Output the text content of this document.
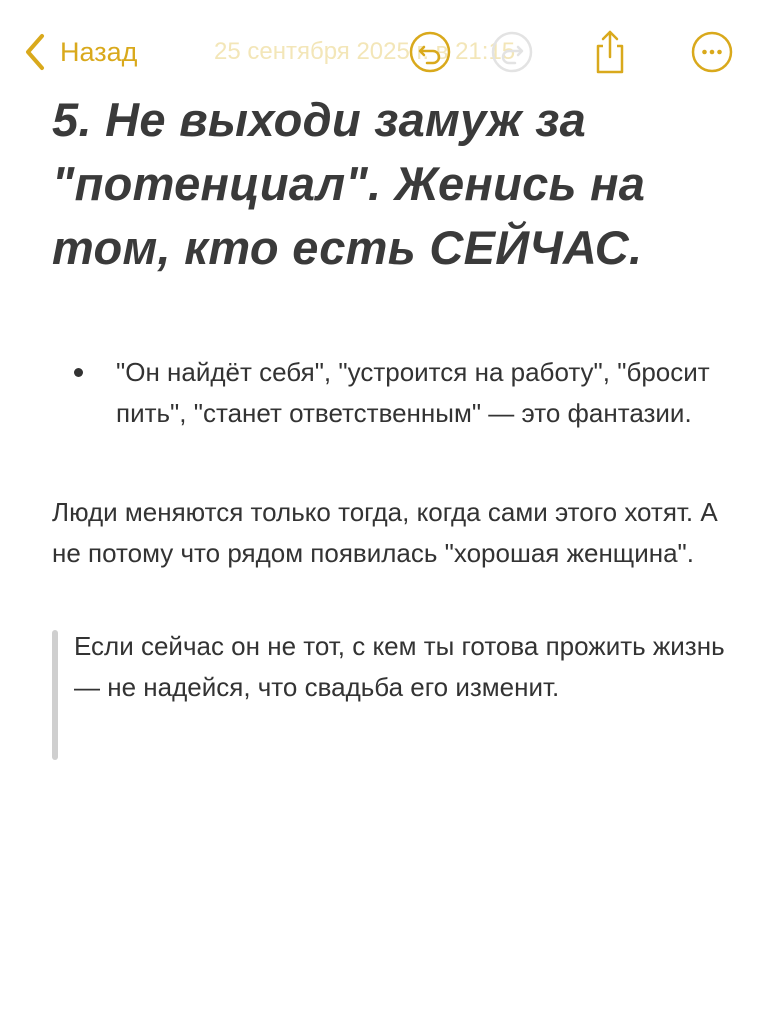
Назад	25 сентября 2025 г. в 21:15
5. Не выходи замуж за "потенциал". Женись на том, кто есть СЕЙЧАС.
"Он найдёт себя", "устроится на работу", "бросит пить", "станет ответственным" — это фантазии.

Люди меняются только тогда, когда сами этого хотят. А не потому что рядом появилась "хорошая женщина".

Если сейчас он не тот, с кем ты готова прожить жизнь — не надейся, что свадьба его изменит.
